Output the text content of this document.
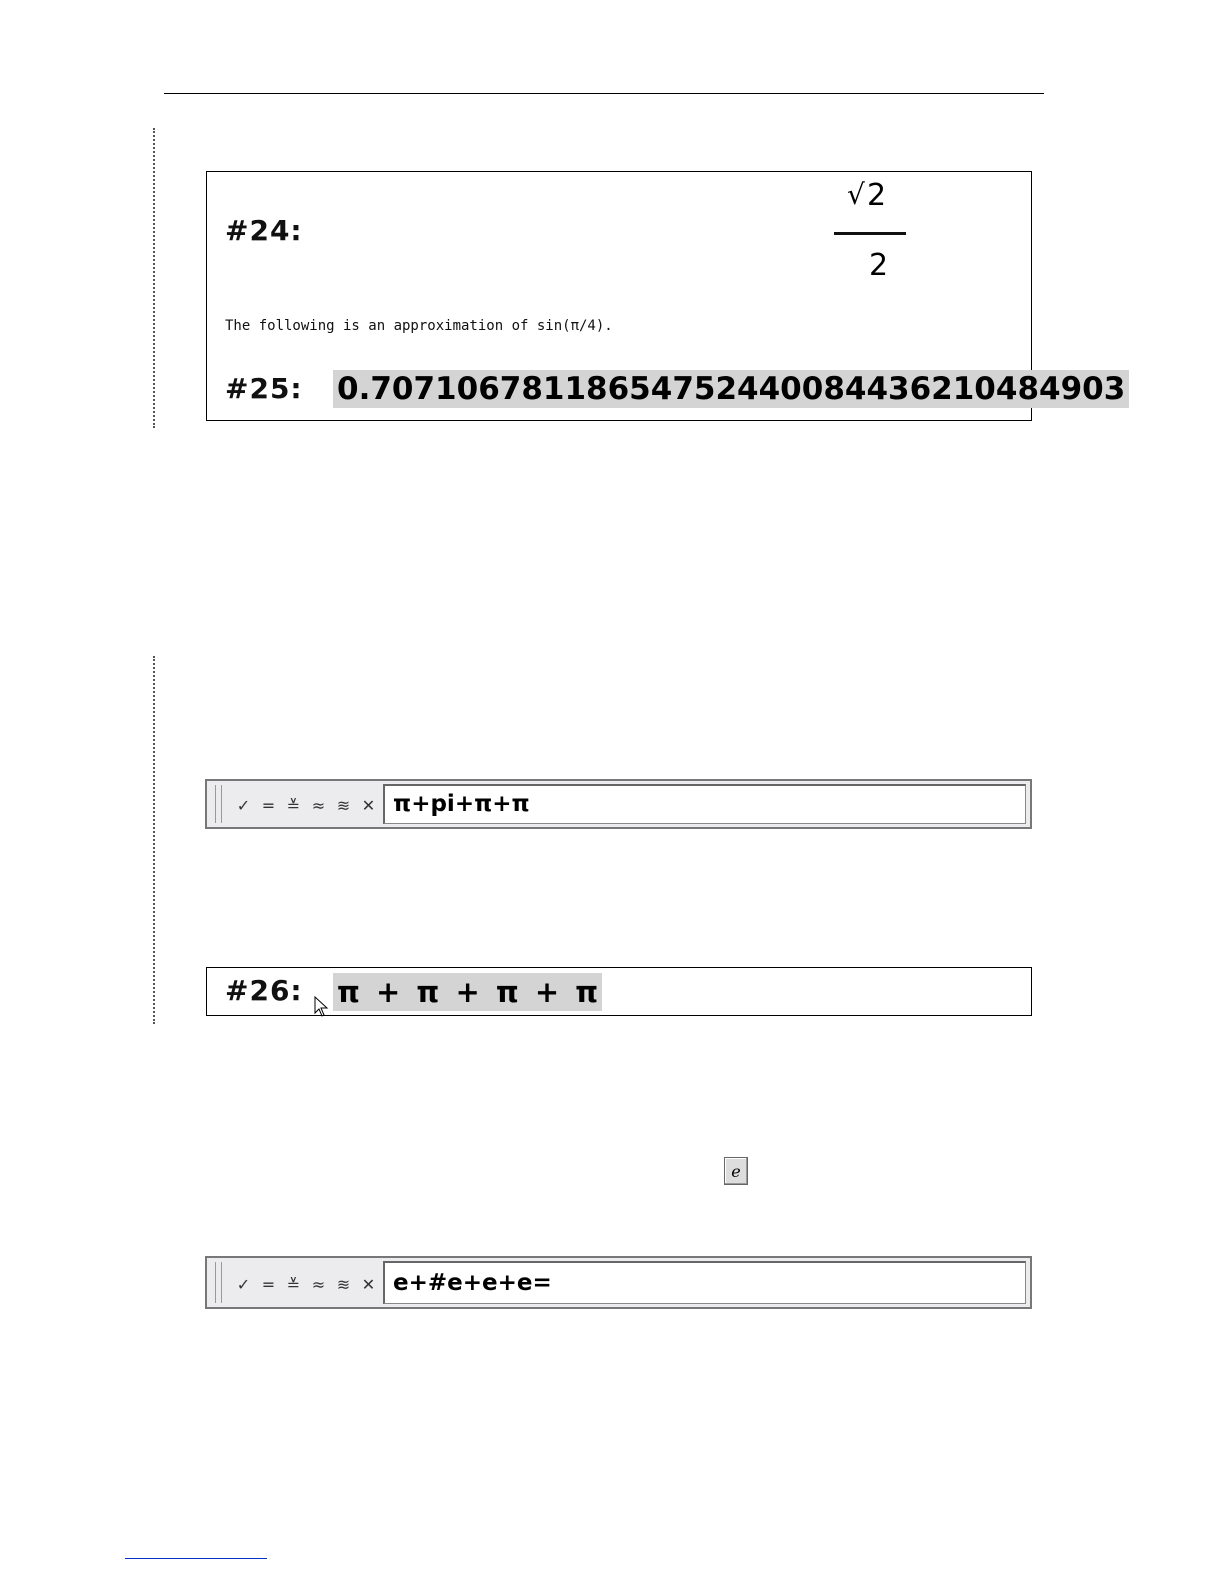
#24:
√ 2
2
The following is an approximation of sin(π/4).
#25: 0.70710678118654752440084436210484903
✓ = ≚ ≈ ≋ ✕ π+pi+π+π
#26: π + π + π + π
e
✓ = ≚ ≈ ≋ ✕ e+#e+e+e=
